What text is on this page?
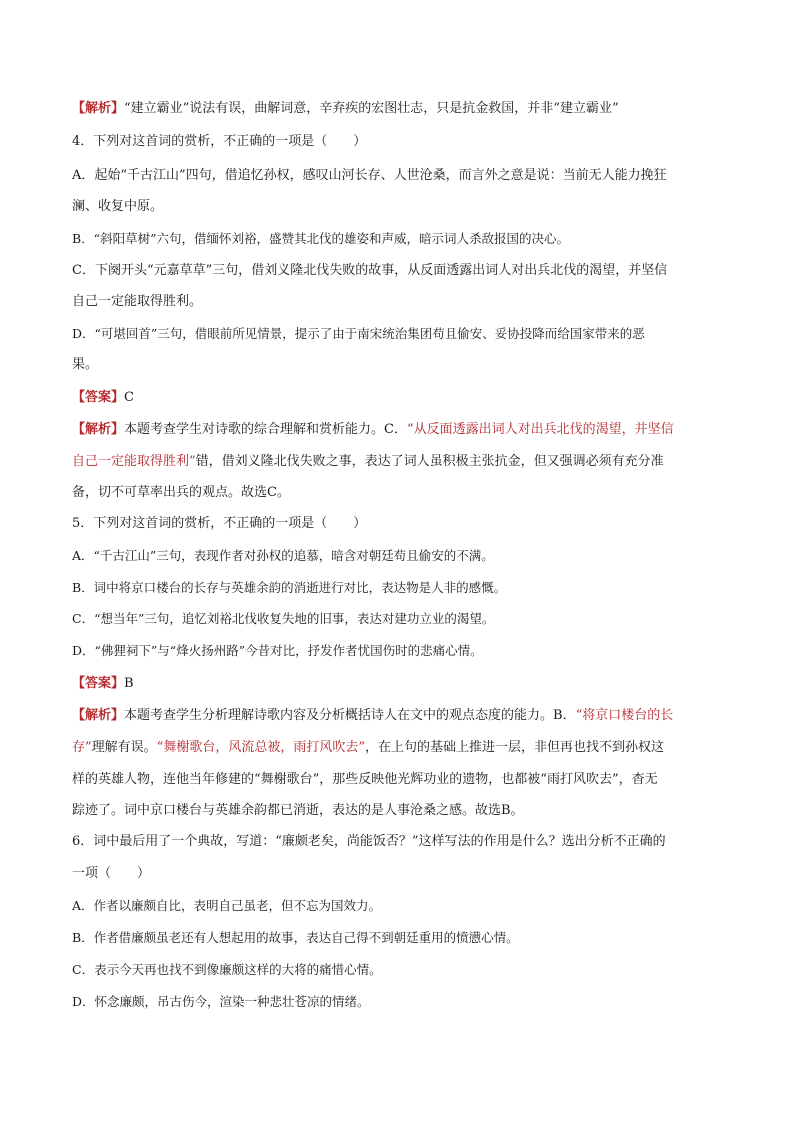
【解析】“建立霸业”说法有误，曲解词意，辛弃疾的宏图壮志，只是抗金救国，并非“建立霸业”
4．下列对这首词的赏析，不正确的一项是（　　）
A．起始“千古江山”四句，借追忆孙权，感叹山河长存、人世沧桑，而言外之意是说：当前无人能力挽狂
澜、收复中原。
B．“斜阳草树”六句，借缅怀刘裕，盛赞其北伐的雄姿和声威，暗示词人杀敌报国的决心。
C．下阕开头“元嘉草草”三句，借刘义隆北伐失败的故事，从反面透露出词人对出兵北伐的渴望，并坚信
自己一定能取得胜利。
D．“可堪回首”三句，借眼前所见情景，提示了由于南宋统治集团苟且偷安、妥协投降而给国家带来的恶
果。
【答案】C
【解析】本题考查学生对诗歌的综合理解和赏析能力。C．“从反面透露出词人对出兵北伐的渴望，并坚信
自己一定能取得胜利”错，借刘义隆北伐失败之事，表达了词人虽积极主张抗金，但又强调必须有充分准
备，切不可草率出兵的观点。故选C。
5．下列对这首词的赏析，不正确的一项是（　　）
A．“千古江山”三句，表现作者对孙权的追慕，暗含对朝廷苟且偷安的不满。
B．词中将京口楼台的长存与英雄余韵的消逝进行对比，表达物是人非的感慨。
C．“想当年”三句，追忆刘裕北伐收复失地的旧事，表达对建功立业的渴望。
D．“佛狸祠下”与“烽火扬州路”今昔对比，抒发作者忧国伤时的悲痛心情。
【答案】B
【解析】本题考查学生分析理解诗歌内容及分析概括诗人在文中的观点态度的能力。B．“将京口楼台的长
存”理解有误。“舞榭歌台，风流总被，雨打风吹去”，在上句的基础上推进一层，非但再也找不到孙权这
样的英雄人物，连他当年修建的“舞榭歌台”，那些反映他光辉功业的遗物，也都被“雨打风吹去”，杳无
踪迹了。词中京口楼台与英雄余韵都已消逝，表达的是人事沧桑之感。故选B。
6．词中最后用了一个典故，写道：“廉颇老矣，尚能饭否？”这样写法的作用是什么？选出分析不正确的
一项（　　）
A．作者以廉颇自比，表明自己虽老，但不忘为国效力。
B．作者借廉颇虽老还有人想起用的故事，表达自己得不到朝廷重用的愤懑心情。
C．表示今天再也找不到像廉颇这样的大将的痛惜心情。
D．怀念廉颇，吊古伤今，渲染一种悲壮苍凉的情绪。
